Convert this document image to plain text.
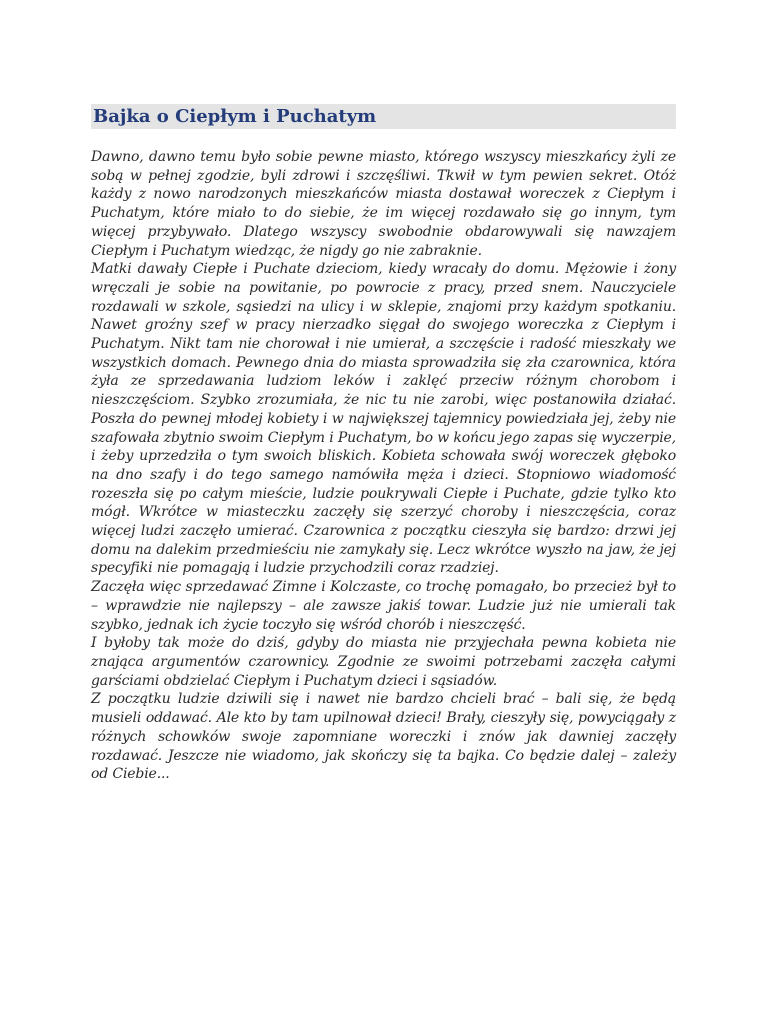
Bajka o Ciepłym i Puchatym

Dawno, dawno temu było sobie pewne miasto, którego wszyscy mieszkańcy żyli ze sobą w pełnej zgodzie, byli zdrowi i szczęśliwi. Tkwił w tym pewien sekret. Otóż każdy z nowo narodzonych mieszkańców miasta dostawał woreczek z Ciepłym i Puchatym, które miało to do siebie, że im więcej rozdawało się go innym, tym więcej przybywało. Dlatego wszyscy swobodnie obdarowywali się nawzajem Ciepłym i Puchatym wiedząc, że nigdy go nie zabraknie.

Matki dawały Ciepłe i Puchate dzieciom, kiedy wracały do domu. Mężowie i żony wręczali je sobie na powitanie, po powrocie z pracy, przed snem. Nauczyciele rozdawali w szkole, sąsiedzi na ulicy i w sklepie, znajomi przy każdym spotkaniu. Nawet groźny szef w pracy nierzadko sięgał do swojego woreczka z Ciepłym i Puchatym. Nikt tam nie chorował i nie umierał, a szczęście i radość mieszkały we wszystkich domach. Pewnego dnia do miasta sprowadziła się zła czarownica, która żyła ze sprzedawania ludziom leków i zaklęć przeciw różnym chorobom i nieszczęściom. Szybko zrozumiała, że nic tu nie zarobi, więc postanowiła działać. Poszła do pewnej młodej kobiety i w największej tajemnicy powiedziała jej, żeby nie szafowała zbytnio swoim Ciepłym i Puchatym, bo w końcu jego zapas się wyczerpie, i żeby uprzedziła o tym swoich bliskich. Kobieta schowała swój woreczek głęboko na dno szafy i do tego samego namówiła męża i dzieci. Stopniowo wiadomość rozeszła się po całym mieście, ludzie poukrywali Ciepłe i Puchate, gdzie tylko kto mógł. Wkrótce w miasteczku zaczęły się szerzyć choroby i nieszczęścia, coraz więcej ludzi zaczęło umierać. Czarownica z początku cieszyła się bardzo: drzwi jej domu na dalekim przedmieściu nie zamykały się. Lecz wkrótce wyszło na jaw, że jej specyfiki nie pomagają i ludzie przychodzili coraz rzadziej.

Zaczęła więc sprzedawać Zimne i Kolczaste, co trochę pomagało, bo przecież był to – wprawdzie nie najlepszy – ale zawsze jakiś towar. Ludzie już nie umierali tak szybko, jednak ich życie toczyło się wśród chorób i nieszczęść.

I byłoby tak może do dziś, gdyby do miasta nie przyjechała pewna kobieta nie znająca argumentów czarownicy. Zgodnie ze swoimi potrzebami zaczęła całymi garściami obdzielać Ciepłym i Puchatym dzieci i sąsiadów.

Z początku ludzie dziwili się i nawet nie bardzo chcieli brać – bali się, że będą musieli oddawać. Ale kto by tam upilnował dzieci! Brały, cieszyły się, powyciągały z różnych schowków swoje zapomniane woreczki i znów jak dawniej zaczęły rozdawać. Jeszcze nie wiadomo, jak skończy się ta bajka. Co będzie dalej – zależy od Ciebie...
